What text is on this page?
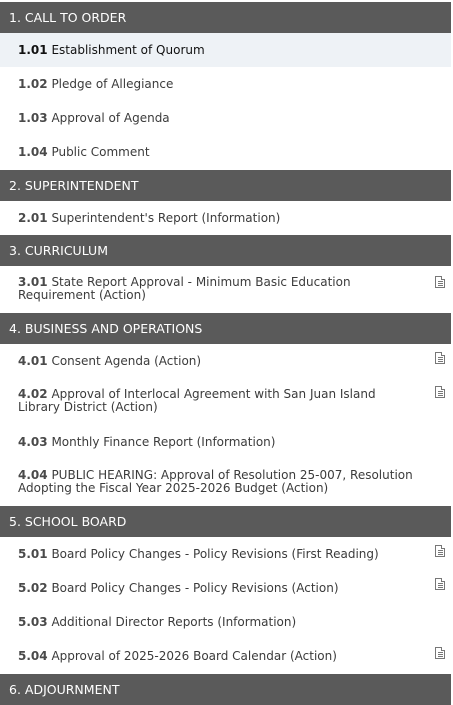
1. CALL TO ORDER
1.01 Establishment of Quorum
1.02 Pledge of Allegiance
1.03 Approval of Agenda
1.04 Public Comment
2. SUPERINTENDENT
2.01 Superintendent's Report (Information)
3. CURRICULUM
3.01 State Report Approval - Minimum Basic Education Requirement (Action)
4. BUSINESS AND OPERATIONS
4.01 Consent Agenda (Action)
4.02 Approval of Interlocal Agreement with San Juan Island Library District (Action)
4.03 Monthly Finance Report (Information)
4.04 PUBLIC HEARING: Approval of Resolution 25-007, Resolution Adopting the Fiscal Year 2025-2026 Budget (Action)
5. SCHOOL BOARD
5.01 Board Policy Changes - Policy Revisions (First Reading)
5.02 Board Policy Changes - Policy Revisions (Action)
5.03 Additional Director Reports (Information)
5.04 Approval of 2025-2026 Board Calendar (Action)
6. ADJOURNMENT
